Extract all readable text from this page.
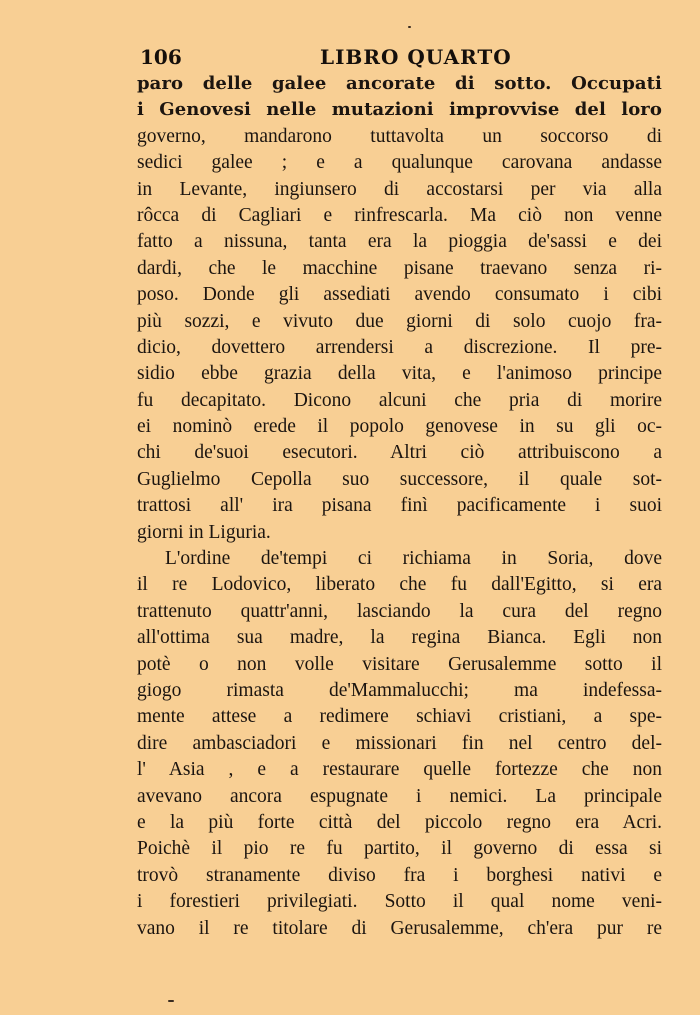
106	LIBRO QUARTO
paro delle galee ancorate di sotto. Occupati
i Genovesi nelle mutazioni improvvise del loro
governo, mandarono tuttavolta un soccorso di
sedici galee ; e a qualunque carovana andasse
in Levante, ingiunsero di accostarsi per via alla
rôcca di Cagliari e rinfrescarla. Ma ciò non venne
fatto a nissuna, tanta era la pioggia de'sassi e dei
dardi, che le macchine pisane traevano senza ri-
poso. Donde gli assediati avendo consumato i cibi
più sozzi, e vivuto due giorni di solo cuojo fra-
dicio, dovettero arrendersi a discrezione. Il pre-
sidio ebbe grazia della vita, e l'animoso principe
fu decapitato. Dicono alcuni che pria di morire
ei nominò erede il popolo genovese in su gli oc-
chi de'suoi esecutori. Altri ciò attribuiscono a
Guglielmo Cepolla suo successore, il quale sot-
trattosi all' ira pisana finì pacificamente i suoi
giorni in Liguria.
L'ordine de'tempi ci richiama in Soria, dove
il re Lodovico, liberato che fu dall'Egitto, si era
trattenuto quattr'anni, lasciando la cura del regno
all'ottima sua madre, la regina Bianca. Egli non
potè o non volle visitare Gerusalemme sotto il
giogo rimasta de'Mammalucchi; ma indefessa-
mente attese a redimere schiavi cristiani, a spe-
dire ambasciadori e missionari fin nel centro del-
l' Asia , e a restaurare quelle fortezze che non
avevano ancora espugnate i nemici. La principale
e la più forte città del piccolo regno era Acri.
Poichè il pio re fu partito, il governo di essa si
trovò stranamente diviso fra i borghesi nativi e
i forestieri privilegiati. Sotto il qual nome veni-
vano il re titolare di Gerusalemme, ch'era pur re
